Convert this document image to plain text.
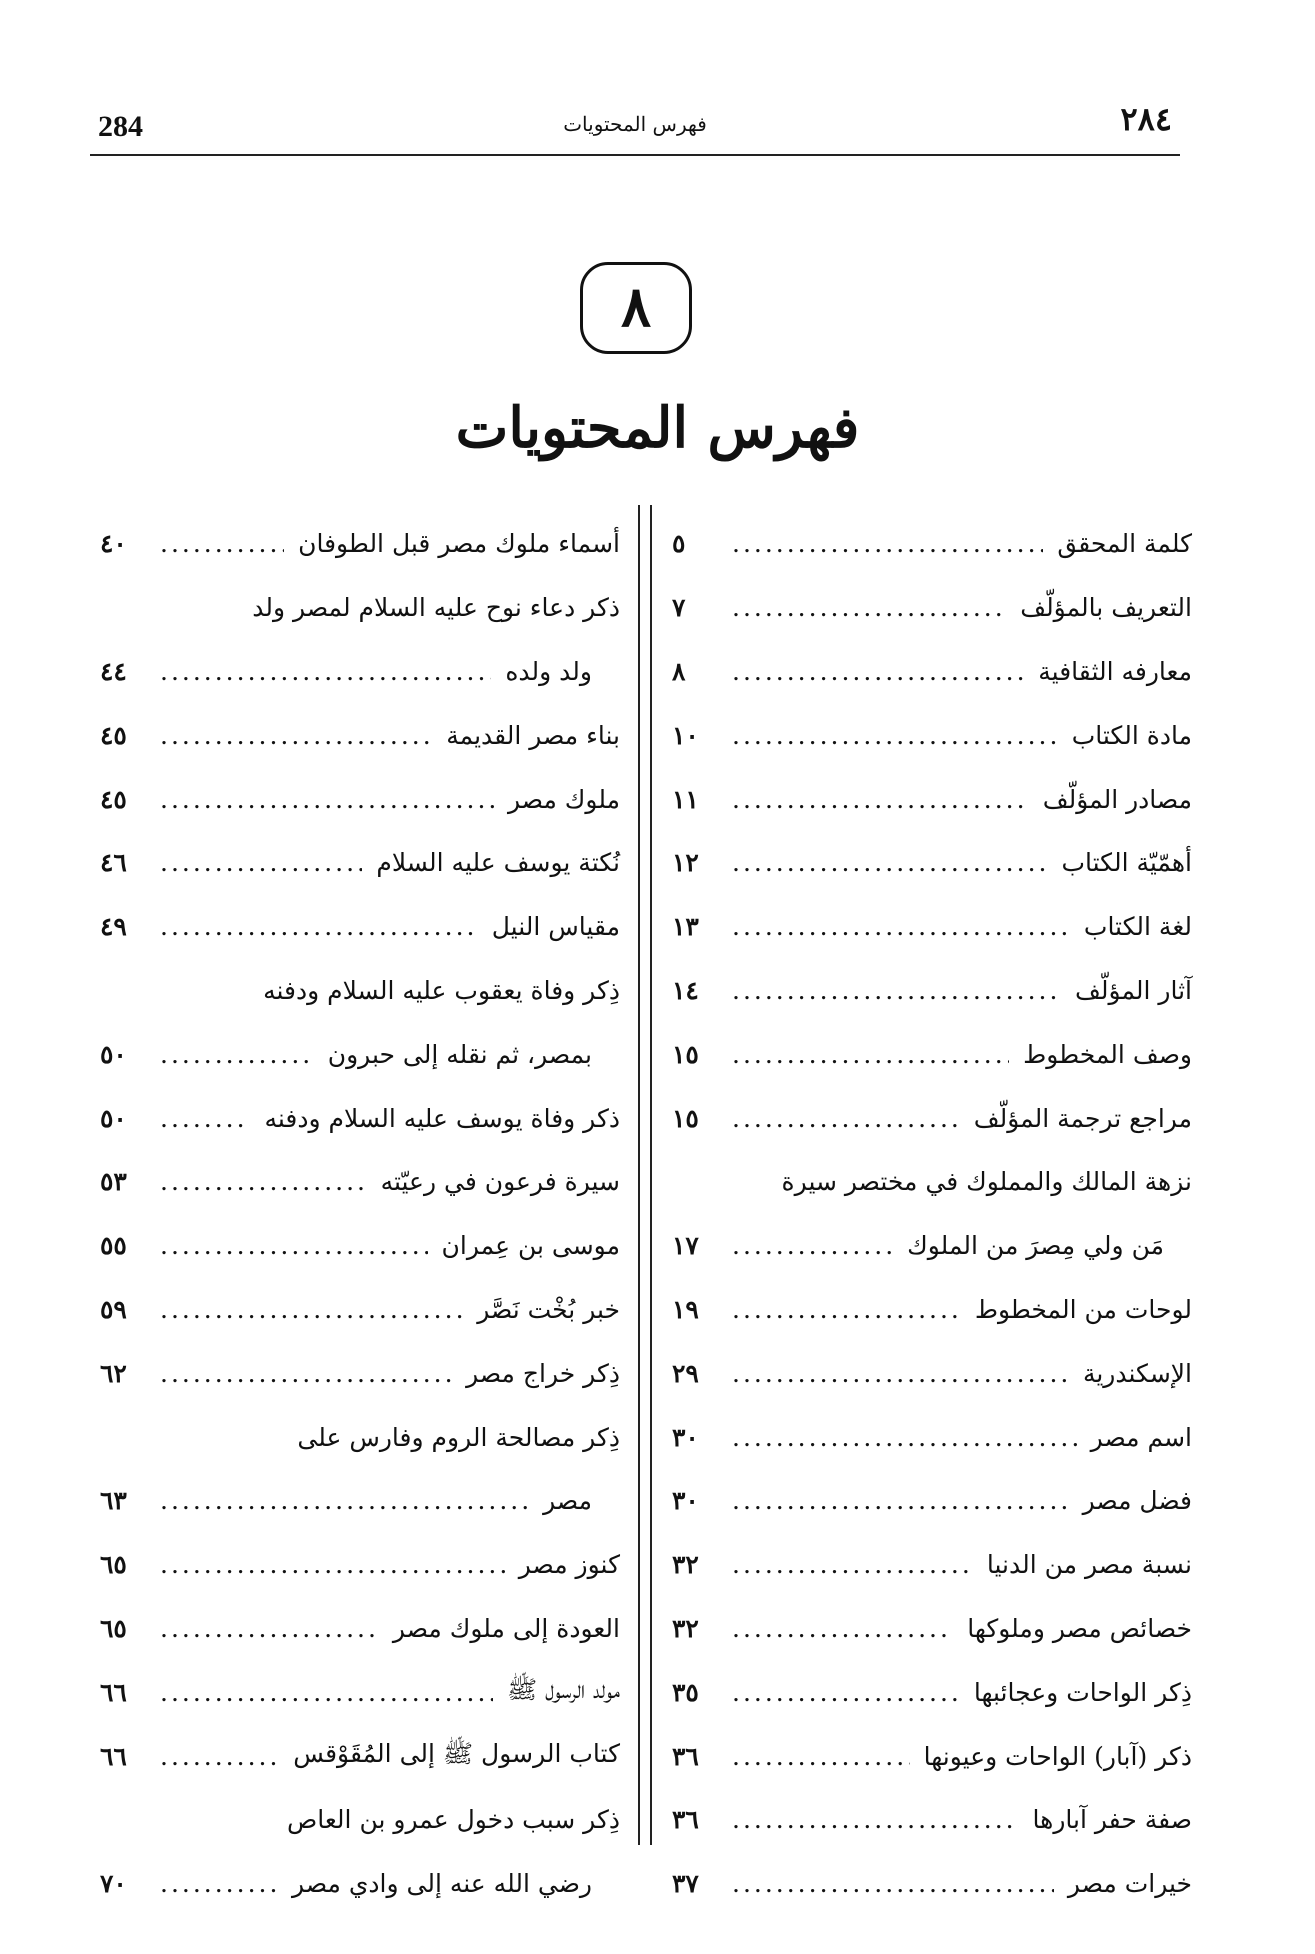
284	فهرس المحتويات	٢٨٤
٨
فهرس المحتويات
كلمة المحقق
.....
٥
التعريف بالمؤلّف
.....
٧
معارفه الثقافية
.....
٨
مادة الكتاب
.....
١٠
مصادر المؤلّف
.....
١١
أهمّيّة الكتاب
.....
١٢
لغة الكتاب
.....
١٣
آثار المؤلّف
.....
١٤
وصف المخطوط
.....
١٥
مراجع ترجمة المؤلّف
.....
١٥
نزهة المالك والمملوك في مختصر سيرة
مَن ولي مِصرَ من الملوك
.....
١٧
لوحات من المخطوط
.....
١٩
الإسكندرية
.....
٢٩
اسم مصر
.....
٣٠
فضل مصر
.....
٣٠
نسبة مصر من الدنيا
.....
٣٢
خصائص مصر وملوكها
.....
٣٢
ذِكر الواحات وعجائبها
.....
٣٥
ذكر (آبار) الواحات وعيونها
.....
٣٦
صفة حفر آبارها
.....
٣٦
خيرات مصر
.....
٣٧
أسماء ملوك مصر قبل الطوفان
.....
٤٠
ذكر دعاء نوح عليه السلام لمصر ولد
ولد ولده
.....
٤٤
بناء مصر القديمة
.....
٤٥
ملوك مصر
.....
٤٥
نُكتة يوسف عليه السلام
.....
٤٦
مقياس النيل
.....
٤٩
ذِكر وفاة يعقوب عليه السلام ودفنه
بمصر، ثم نقله إلى حبرون
.....
٥٠
ذكر وفاة يوسف عليه السلام ودفنه
.....
٥٠
سيرة فرعون في رعيّته
.....
٥٣
موسى بن عِمران
.....
٥٥
خبر بُخْت نَصَّر
.....
٥٩
ذِكر خراج مصر
.....
٦٢
ذِكر مصالحة الروم وفارس على
مصر
.....
٦٣
كنوز مصر
.....
٦٥
العودة إلى ملوك مصر
.....
٦٥
مولد الرسول ﷺ
.....
٦٦
كتاب الرسول ﷺ إلى المُقَوْقس
.....
٦٦
ذِكر سبب دخول عمرو بن العاص
رضي الله عنه إلى وادي مصر
.....
٧٠
